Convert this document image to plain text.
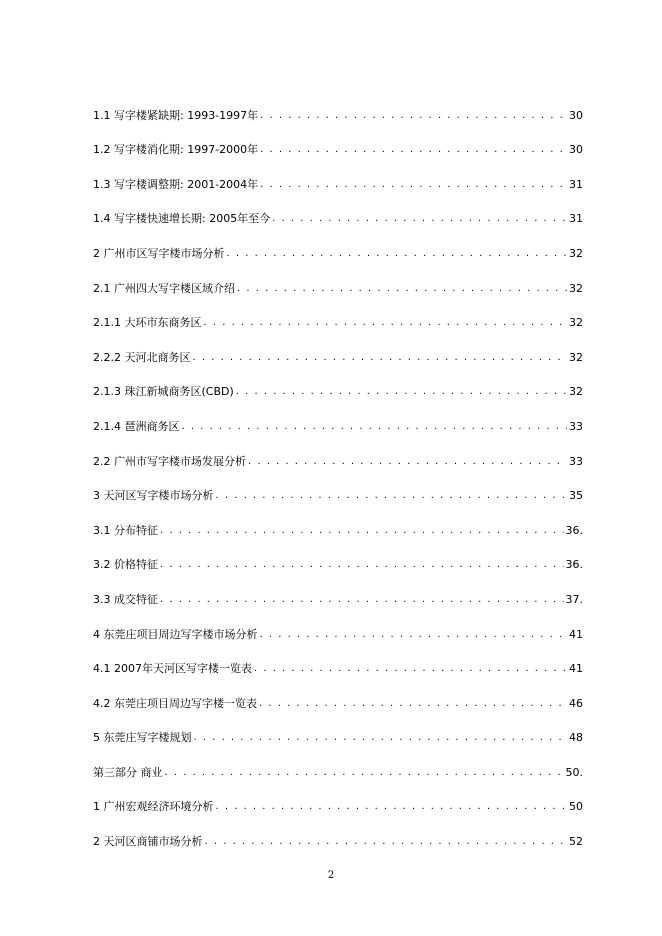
1.1 写字楼紧缺期: 1993-1997年 . . .	30
1.2 写字楼消化期: 1997-2000年 . . .	30
1.3 写字楼调整期: 2001-2004年 . . .	31
1.4 写字楼快速增长期: 2005年至今 . . .	31
2 广州市区写字楼市场分析 . . .	32
2.1 广州四大写字楼区域介绍 . . .	32
2.1.1 大环市东商务区 . . .	32
2.2.2 天河北商务区 . . .	32
2.1.3 珠江新城商务区(CBD) . . .	32
2.1.4 琶洲商务区 . . .	33
2.2 广州市写字楼市场发展分析 . . .	33
3 天河区写字楼市场分析 . . .	35
3.1 分布特征 . . .	36.
3.2 价格特征 . . .	36.
3.3 成交特征 . . .	37.
4 东莞庄项目周边写字楼市场分析 . . .	41
4.1 2007年天河区写字楼一览表 . . .	41
4.2 东莞庄项目周边写字楼一览表 . . .	46
5 东莞庄写字楼规划 . . .	48
第三部分 商业 . . .	50.
1 广州宏观经济环境分析 . . .	50
2 天河区商铺市场分析 . . .	52
2
